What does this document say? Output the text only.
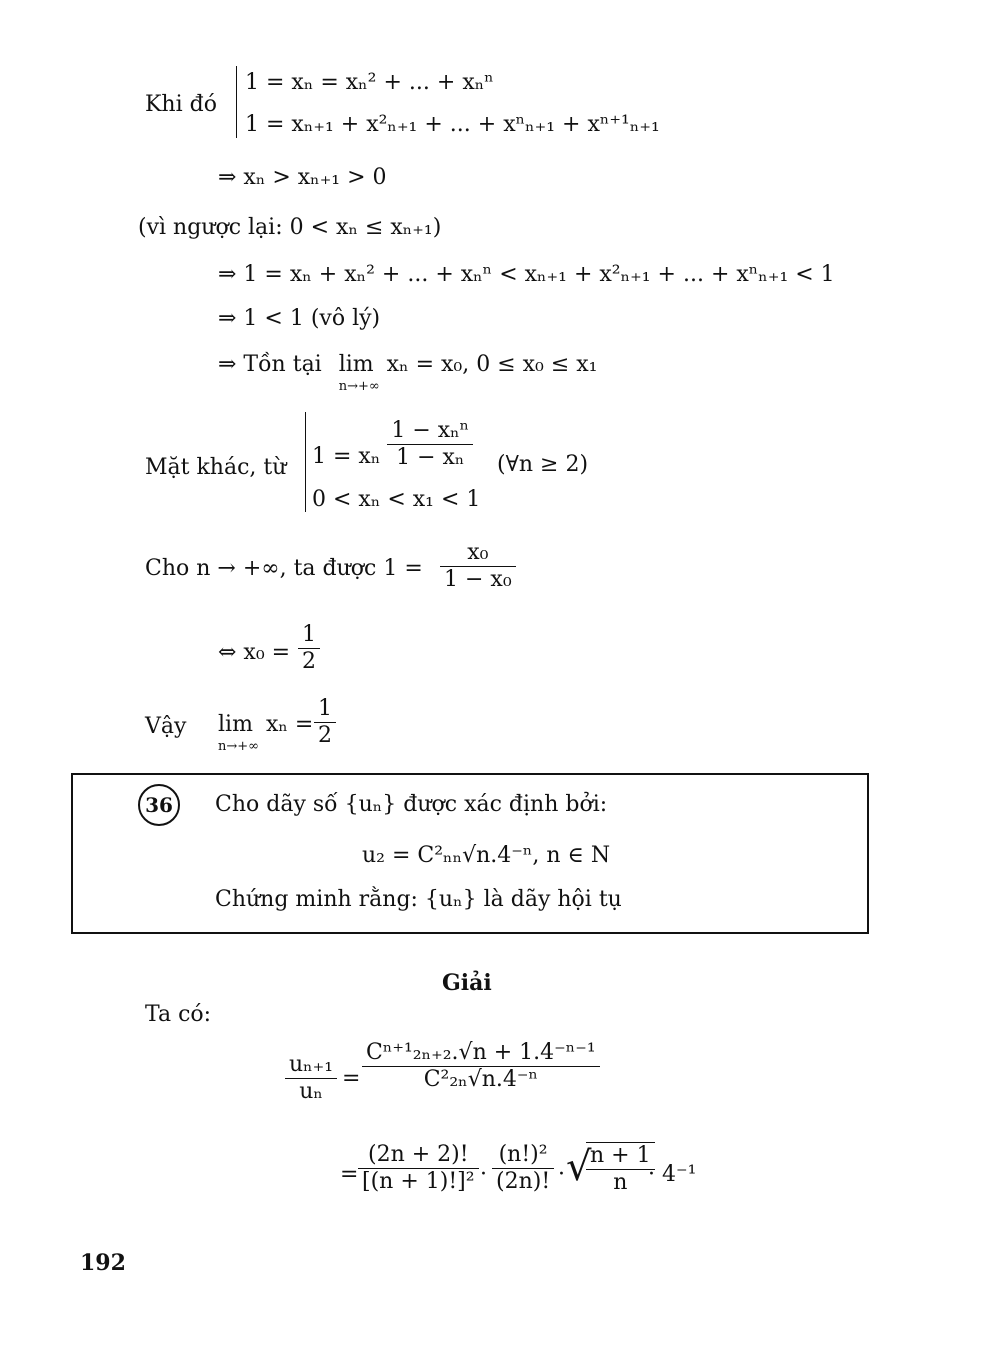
Khi đó
1 = xₙ = xₙ² + ... + xₙⁿ
1 = xₙ₊₁ + x²ₙ₊₁ + ... + xⁿₙ₊₁ + xⁿ⁺¹ₙ₊₁
⇒ xₙ > xₙ₊₁ > 0
(vì ngược lại: 0 < xₙ ≤ xₙ₊₁)
⇒ 1 = xₙ + xₙ² + ... + xₙⁿ < xₙ₊₁ + x²ₙ₊₁ + ... + xⁿₙ₊₁ < 1
⇒ 1 < 1 (vô lý)
⇒ Tồn tại lim
n→+∞
xₙ = x₀, 0 ≤ x₀ ≤ x₁
Mặt khác, từ 1 = xₙ $\frac{\text{1 − xₙⁿ}}{\text{1 − xₙ}}$ (∀n ≥ 2)
0 < xₙ < x₁ < 1
Cho n → +∞, ta được $1 = \frac{\text{x₀}}{\text{1 − x₀}}$
⇔ $x_0 = \frac{1}{2}$
Vậy lim
n→+∞
$x_n = \frac{1}{2}$
36	Cho dãy số {uₙ} được xác định bởi:
u₂ = C²ₙₙ√n.4⁻ⁿ, n ∈ N
Chứng minh rằng: {uₙ} là dãy hội tụ
Giải
Ta có:
$\frac{\text{uₙ₊₁}}{\text{uₙ}} = \frac{\text{Cⁿ⁺¹₂ₙ₊₂.√n + 1.4⁻ⁿ⁻¹}}{\text{C²₂ₙ√n.4⁻ⁿ}}$
= $\frac{(2n + 2)!}{\text{[(n + 1)!]²}} \cdot \frac{\text{(n!)²}}{(2n)!}$ · √
$\frac{n + 1}{n}$
· 4⁻¹
192
